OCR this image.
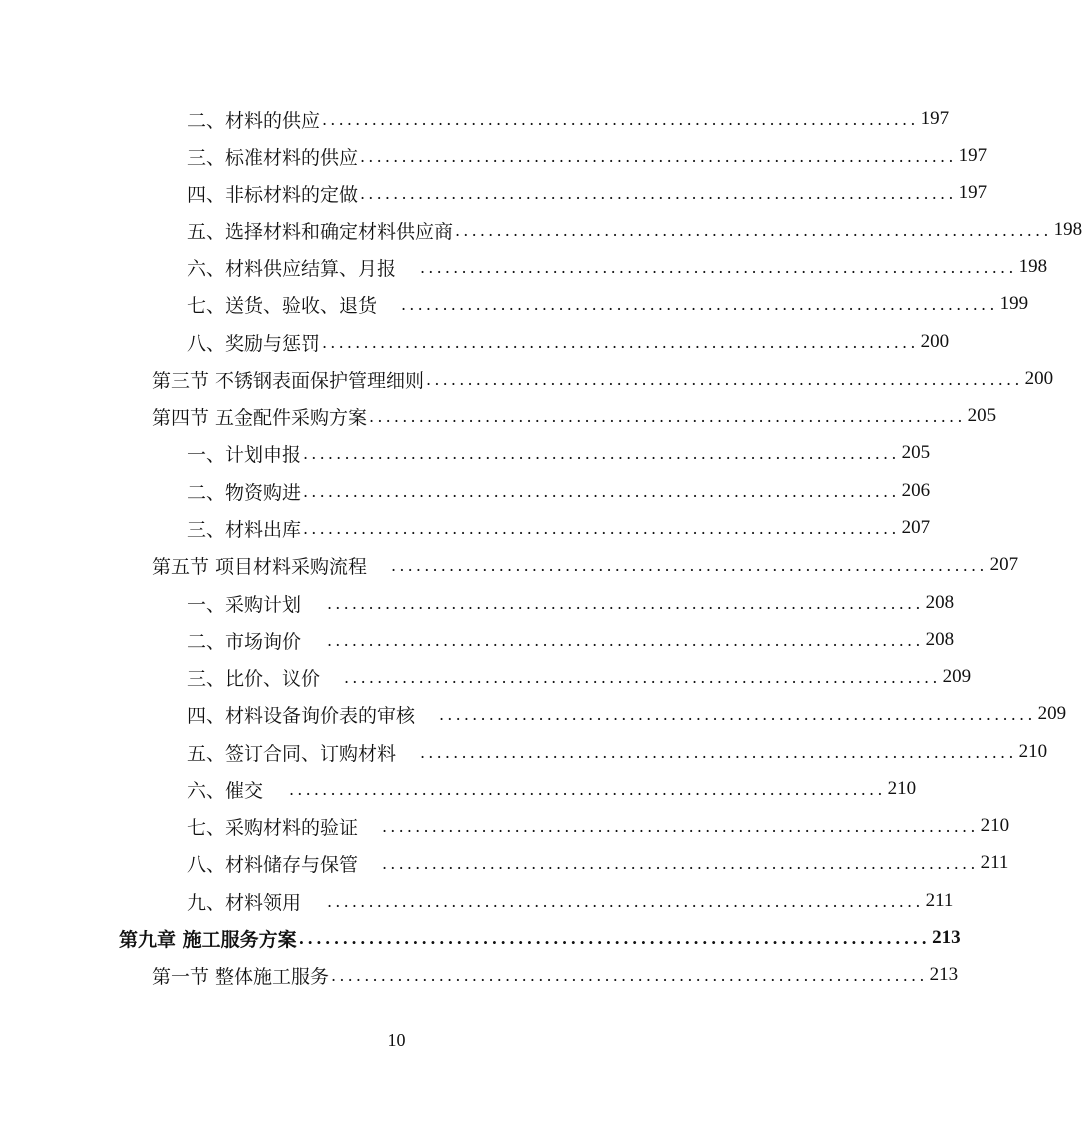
二、材料的供应 ........................................................................ 197
三、标准材料的供应 ........................................................................ 197
四、非标材料的定做 ........................................................................ 197
五、选择材料和确定材料供应商 ........................................................................ 198
六、材料供应结算、月报 ........................................................................ 198
七、送货、验收、退货 ........................................................................ 199
八、奖励与惩罚 ........................................................................ 200
第三节 不锈钢表面保护管理细则 ........................................................................ 200
第四节 五金配件采购方案 ........................................................................ 205
一、计划申报 ........................................................................ 205
二、物资购进 ........................................................................ 206
三、材料出库 ........................................................................ 207
第五节 项目材料采购流程 ........................................................................ 207
一、采购计划 ........................................................................ 208
二、市场询价 ........................................................................ 208
三、比价、议价 ........................................................................ 209
四、材料设备询价表的审核 ........................................................................ 209
五、签订合同、订购材料 ........................................................................ 210
六、催交 ........................................................................ 210
七、采购材料的验证 ........................................................................ 210
八、材料储存与保管 ........................................................................ 211
九、材料领用 ........................................................................ 211
第九章 施工服务方案 ........................................................................ 213
第一节 整体施工服务 ........................................................................ 213
10
